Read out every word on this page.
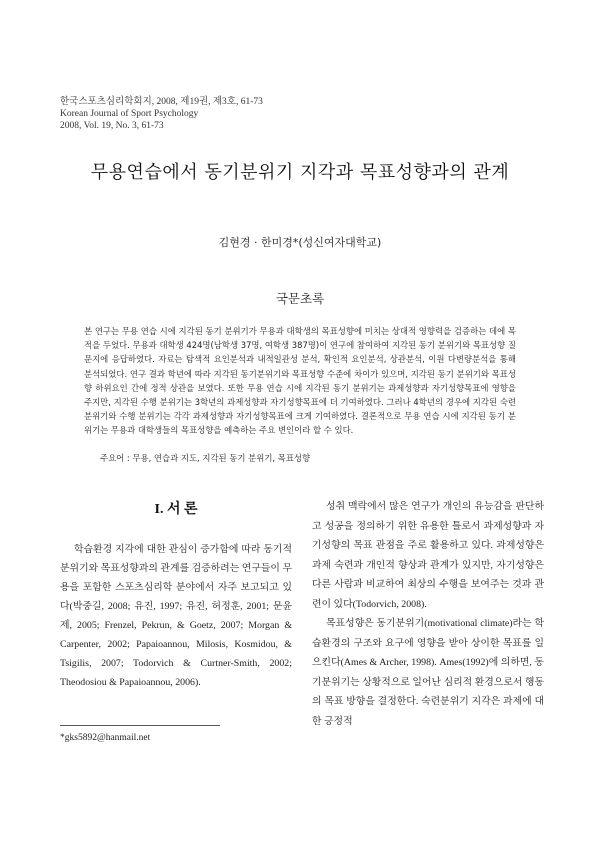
한국스포츠심리학회지, 2008, 제19권, 제3호, 61-73
Korean Journal of Sport Psychology
2008, Vol. 19, No. 3, 61-73
무용연습에서 동기분위기 지각과 목표성향과의 관계
김현경 · 한미경*(성신여자대학교)
국문초록
본 연구는 무용 연습 시에 지각된 동기 분위기가 무용과 대학생의 목표성향에 미치는 상대적 영향력을 검증하는 데에 목적을 두었다. 무용과 대학생 424명(남학생 37명, 여학생 387명)이 연구에 참여하여 지각된 동기 분위기와 목표성향 질문지에 응답하였다. 자료는 탐색적 요인분석과 내적일관성 분석, 확인적 요인분석, 상관분석, 이원 다변량분석을 통해 분석되었다. 연구 결과 학년에 따라 지각된 동기분위기와 목표성향 수준에 차이가 있으며, 지각된 동기 분위기와 목표성향 하위요인 간에 정적 상관을 보였다. 또한 무용 연습 시에 지각된 동기 분위기는 과제성향과 자기성향목표에 영향을 주지만, 지각된 수행 분위기는 3학년의 과제성향과 자기성향목표에 더 기여하였다. 그러나 4학년의 경우에 지각된 숙련 분위기와 수행 분위기는 각각 과제성향과 자기성향목표에 크게 기여하였다. 결론적으로 무용 연습 시에 지각된 동기 분위기는 무용과 대학생들의 목표성향을 예측하는 주요 변인이라 할 수 있다.
주요어 : 무용, 연습과 지도, 지각된 동기 분위기, 목표성향
I. 서 론

학습환경 지각에 대한 관심이 증가함에 따라 동기적 분위기와 목표성향과의 관계를 검증하려는 연구들이 무용을 포함한 스포츠심리학 분야에서 자주 보고되고 있다(박중길, 2008; 유진, 1997; 유진, 허정훈, 2001; 문윤제, 2005; Frenzel, Pekrun, & Goetz, 2007; Morgan & Carpenter, 2002; Papaioannou, Milosis, Kosmidou, & Tsigilis, 2007; Todorvich & Curtner-Smith, 2002; Theodosiou & Papaioannou, 2006).

성취 맥락에서 많은 연구가 개인의 유능감을 판단하고 성공을 정의하기 위한 유용한 틀로서 과제성향과 자기성향의 목표 관점을 주로 활용하고 있다. 과제성향은 과제 숙련과 개인적 향상과 관계가 있지만, 자기성향은 다른 사람과 비교하여 최상의 수행을 보여주는 것과 관련이 있다(Todorvich, 2008).

목표성향은 동기분위기(motivational climate)라는 학습환경의 구조와 요구에 영향을 받아 상이한 목표를 일으킨다(Ames & Archer, 1998). Ames(1992)에 의하면, 동기분위기는 상황적으로 일어난 심리적 환경으로서 행동의 목표 방향을 결정한다. 숙련분위기 지각은 과제에 대한 긍정적

*gks5892@hanmail.net
